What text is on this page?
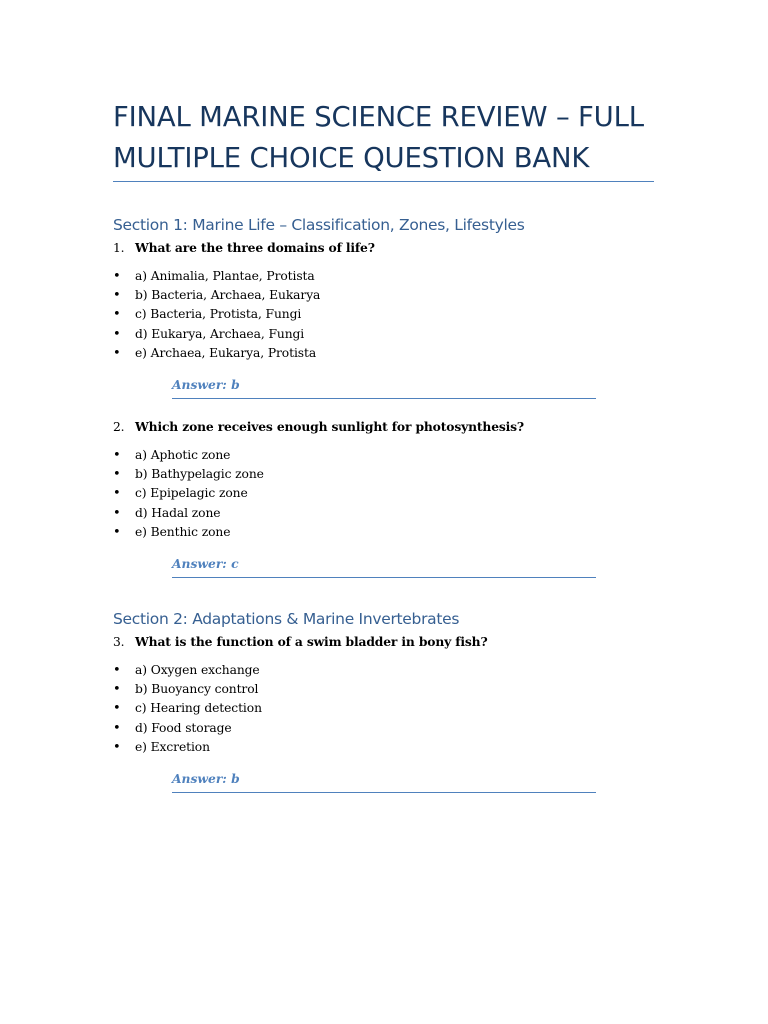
FINAL MARINE SCIENCE REVIEW – FULL MULTIPLE CHOICE QUESTION BANK
Section 1: Marine Life – Classification, Zones, Lifestyles
1. What are the three domains of life?
• a) Animalia, Plantae, Protista
• b) Bacteria, Archaea, Eukarya
• c) Bacteria, Protista, Fungi
• d) Eukarya, Archaea, Fungi
• e) Archaea, Eukarya, Protista
Answer: b
2. Which zone receives enough sunlight for photosynthesis?
• a) Aphotic zone
• b) Bathypelagic zone
• c) Epipelagic zone
• d) Hadal zone
• e) Benthic zone
Answer: c
Section 2: Adaptations & Marine Invertebrates
3. What is the function of a swim bladder in bony fish?
• a) Oxygen exchange
• b) Buoyancy control
• c) Hearing detection
• d) Food storage
• e) Excretion
Answer: b
